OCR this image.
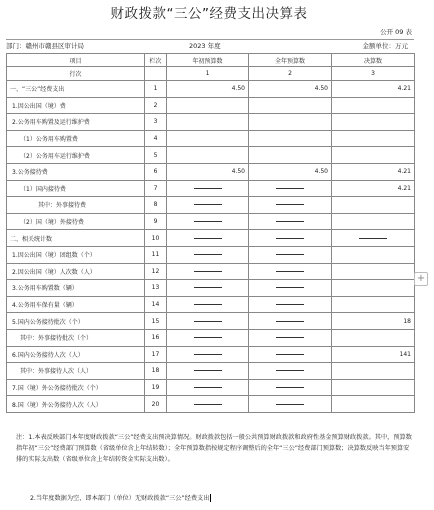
财政拨款“三公”经费支出决算表
公开 09 表
部门：赣州市赣县区审计局	2023 年度	金额单位：万元
项目	栏次	年初预算数	全年预算数	决算数
行次		1	2	3
一、“三公”经费支出	1	4.50	4.50	4.21
1.因公出国（境）费	2			
2.公务用车购置及运行维护费	3			
（1）公务用车购置费	4			
（2）公务用车运行维护费	5			
3.公务接待费	6	4.50	4.50	4.21
（1）国内接待费	7			4.21
其中：外事接待费	8			
（2）国（境）外接待费	9			
二、相关统计数	10			
1.因公出国（境）团组数（个）	11			
2.因公出国（境）人次数（人）	12			
3.公务用车购置数（辆）	13			
4.公务用车保有量（辆）	14			
5.国内公务接待批次（个）	15			18
其中：外事接待批次（个）	16			
6.国内公务接待人次（人）	17			141
其中：外事接待人次（人）	18			
7.国（境）外公务接待批次（个）	19			
8.国（境）外公务接待人次（人）	20			
注：1.本表反映部门本年度财政拨款“三公”经费支出预决算情况。财政拨款包括一般公共预算财政拨款和政府性基金预算财政拨款。其中，预算数指年初“三公”经费部门预算数（省级单位含上年结转数）；全年预算数指按规定程序调整后的全年“三公”经费部门预算数；决算数反映当年预算安排的实际支出数（省级单位含上年结转资金实际支出数）。
2.当年度数据为空，即本部门（单位）无财政拨款“三公”经费支出
+
